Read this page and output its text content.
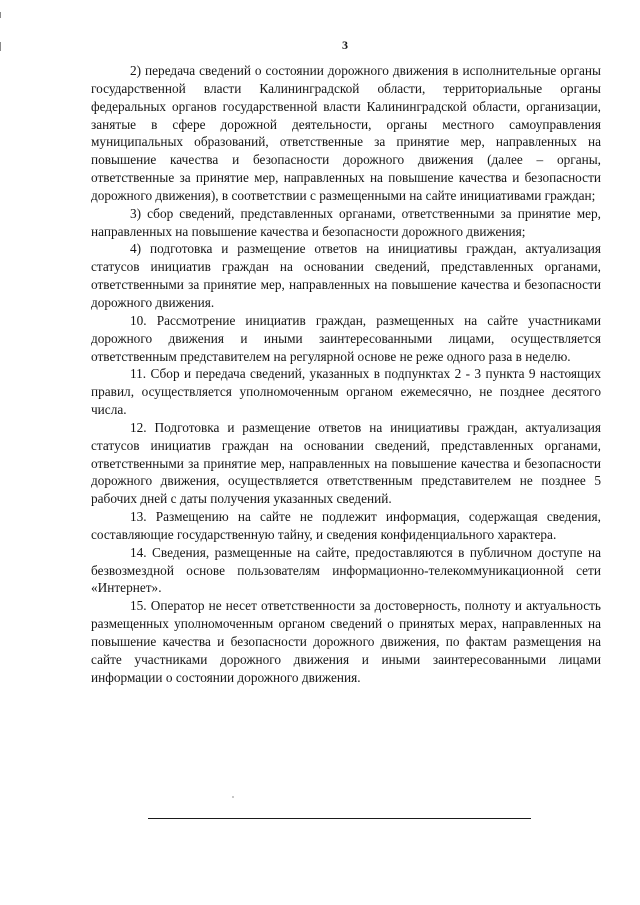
3

2) передача сведений о состоянии дорожного движения в исполнительные органы государственной власти Калининградской области, территориальные органы федеральных органов государственной власти Калининградской области, организации, занятые в сфере дорожной деятельности, органы местного самоуправления муниципальных образований, ответственные за принятие мер, направленных на повышение качества и безопасности дорожного движения (далее – органы, ответственные за принятие мер, направленных на повышение качества и безопасности дорожного движения), в соответствии с размещенными на сайте инициативами граждан;

3) сбор сведений, представленных органами, ответственными за принятие мер, направленных на повышение качества и безопасности дорожного движения;

4) подготовка и размещение ответов на инициативы граждан, актуализация статусов инициатив граждан на основании сведений, представленных органами, ответственными за принятие мер, направленных на повышение качества и безопасности дорожного движения.

10. Рассмотрение инициатив граждан, размещенных на сайте участниками дорожного движения и иными заинтересованными лицами, осуществляется ответственным представителем на регулярной основе не реже одного раза в неделю.

11. Сбор и передача сведений, указанных в подпунктах 2 - 3 пункта 9 настоящих правил, осуществляется уполномоченным органом ежемесячно, не позднее десятого числа.

12. Подготовка и размещение ответов на инициативы граждан, актуализация статусов инициатив граждан на основании сведений, представленных органами, ответственными за принятие мер, направленных на повышение качества и безопасности дорожного движения, осуществляется ответственным представителем не позднее 5 рабочих дней с даты получения указанных сведений.

13. Размещению на сайте не подлежит информация, содержащая сведения, составляющие государственную тайну, и сведения конфиденциального характера.

14. Сведения, размещенные на сайте, предоставляются в публичном доступе на безвозмездной основе пользователям информационно-телекоммуникационной сети «Интернет».

15. Оператор не несет ответственности за достоверность, полноту и актуальность размещенных уполномоченным органом сведений о принятых мерах, направленных на повышение качества и безопасности дорожного движения, по фактам размещения на сайте участниками дорожного движения и иными заинтересованными лицами информации о состоянии дорожного движения.
